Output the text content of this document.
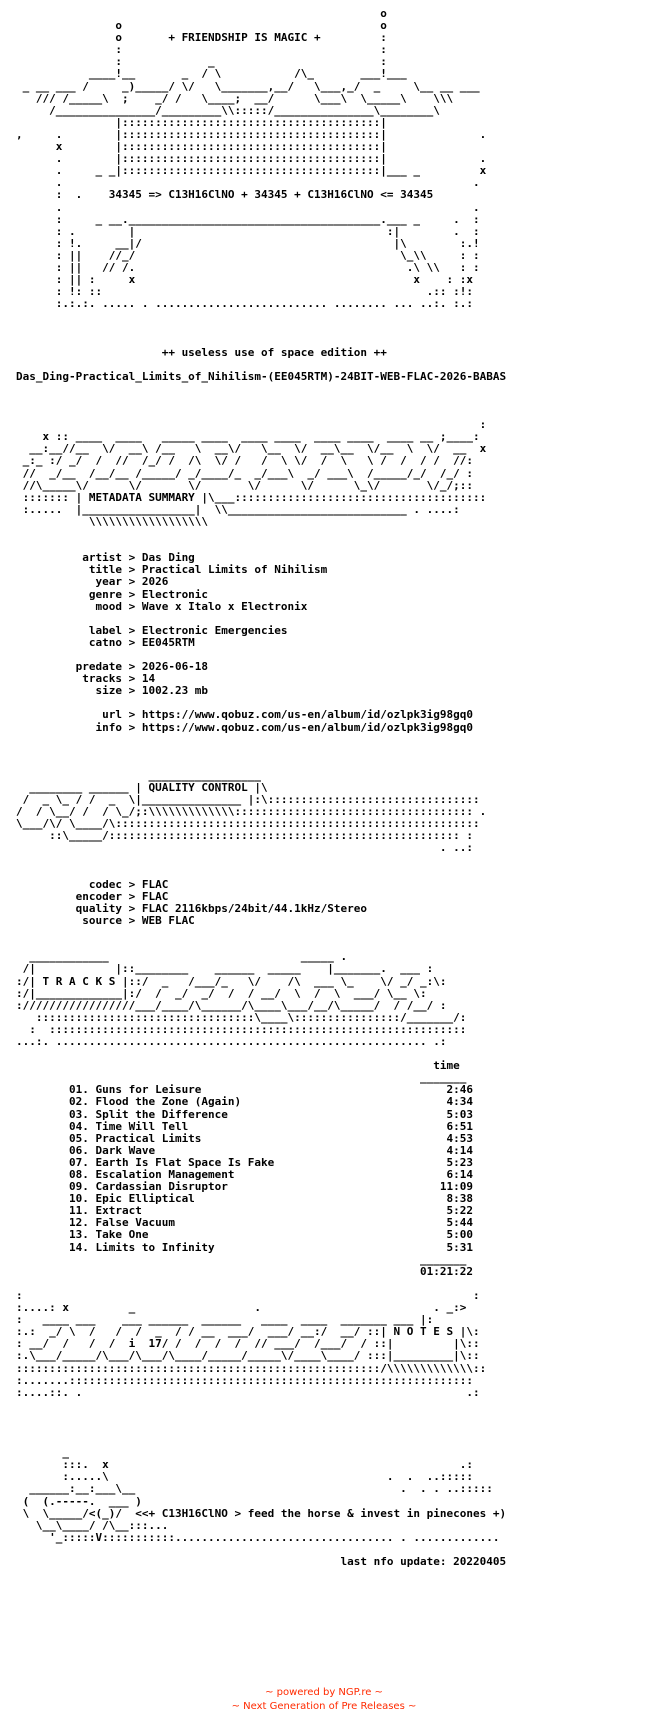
o
o                                       o
o       + FRIENDSHIP IS MAGIC +         :
:                                       :
:             _                         :
____!__       _  / \           /\_       ___!___
_ __ ___ /     _)_____/ \/   \_______,__/   \___,_/  _     \__ __ ___
/// /_____\  ;    _/ /   \____;  __/      \___\  \_____\    \\\
/_______________/_________\\:::::/_______________\________\
|:::::::::::::::::::::::::::::::::::::::|
,     .        |:::::::::::::::::::::::::::::::::::::::|              .
x        |:::::::::::::::::::::::::::::::::::::::|
.        |:::::::::::::::::::::::::::::::::::::::|              .
.     _ _|:::::::::::::::::::::::::::::::::::::::|___ _         x
.                                                              .
:  .    34345 => C13H16ClNO + 34345 + C13H16ClNO <= 34345
.                                                              .
:     _ __.______________________________________.___ _     .  :
: .        |                                      :|        .  :
: !.     __|/                                      |\        :.!
: ||    //_/                                        \_\\     : :
: ||   // /.                                         .\ \\   : :
: || :     x                                          x    : :x
: !: ::                                                 .:: :!:
:.:.:. ..... . .......................... ........ ... ..:. :.:

++ useless use of space edition ++

Das_Ding-Practical_Limits_of_Nihilism-(EE045RTM)-24BIT-WEB-FLAC-2026-BABAS

:
x :: ____  ____   _____ ____  ____ ____  ____ ____  ____ __ ;____:
__:__//__  \/  __\ /__   \  __\/   \__  \/  __\__  \/__  \  \/  __  x
_:_ :/ _/  /  //  /_/ /  /\  \/ /   /  \ \/  /  \   \ /  /  / /  //:
//  _/__  /__/__ /_____/ _/____/_  _/___\  _/ ___\  /_____/_/  /_/ :
//\_____\/      \/       \/       \/      \/      \_\/       \/_/;::
::::::: | METADATA SUMMARY |\___::::::::::::::::::::::::::::::::::::::
:.....  |_________________|  \\___________________________ . ....:
\\\\\\\\\\\\\\\\\\

artist > Das Ding
title > Practical Limits of Nihilism
year > 2026
genre > Electronic
mood > Wave x Italo x Electronix

label > Electronic Emergencies
catno > EE045RTM

predate > 2026-06-18
tracks > 14
size > 1002.23 mb

url > https://www.qobuz.com/us-en/album/id/ozlpk3ig98gq0
info > https://www.qobuz.com/us-en/album/id/ozlpk3ig98gq0

_________________
________ ______ | QUALITY CONTROL |\
/  _ \_ / /  _  \|_______________ |:\::::::::::::::::::::::::::::::::
/  / \__/ /  / \_/;:\\\\\\\\\\\\\:::::::::::::::::::::::::::::::::::: .
\___/\/ \____/\:::::::::::::::::::::::::::::::::::::::::::::::::::::::
::\_____/::::::::::::::::::::::::::::::::::::::::::::::::::::: :
. ..:

codec > FLAC
encoder > FLAC
quality > FLAC 2116kbps/24bit/44.1kHz/Stereo
source > WEB FLAC

____________                             _____ .
/|            |::________    ______  _____    |_______.  ___ :
:/| T R A C K S |::/  _   /___/_   \/    /\  ___ \_    \/ _/ _:\:
:/|_____________|:/  /  _/  _/  /  / __/  \  /  \  ___/ \__ \:
://///////////////___/____/\______/\____\___/__/\_____/  / /__/ :
:::::::::::::::::::::::::::::::::\____\::::::::::::::::/_______/:
:  :::::::::::::::::::::::::::::::::::::::::::::::::::::::::::::::
...:. ........................................................ .:

time
_______
01. Guns for Leisure                                     2:46
02. Flood the Zone (Again)                               4:34
03. Split the Difference                                 5:03
04. Time Will Tell                                       6:51
05. Practical Limits                                     4:53
06. Dark Wave                                            4:14
07. Earth Is Flat Space Is Fake                          5:23
08. Escalation Management                                6:14
09. Cardassian Disruptor                                11:09
10. Epic Elliptical                                      8:38
11. Extract                                              5:22
12. False Vacuum                                         5:44
13. Take One                                             5:00
14. Limits to Infinity                                   5:31
_______
01:21:22

:                                                                    :
:....: x         _                  .                          . _:>
:   ____ ___    ___ ______  ______   ____  ____  _______ ___ |:
:.:  _/ \  /   /  /  _  / / __  ___/  ___/ __:/  __/ ::| N O T E S |\:
: __/  /   /  /  i  17/ /  /  /  /  // ___/  /___/  / ::|         |\::
:.\___/_____/\___/\___/\____/_____/_____\/____\____/ :::|_________|\::
:::::::::::::::::::::::::::::::::::::::::::::::::::::::/\\\\\\\\\\\\\::
:.......:::::::::::::::::::::::::::::::::::::::::::::::::::::::::::::
:....::. .                                                          .:

_
:::.  x                                                     .:
:.....\                                          .  .  ..:::::
______:__:___\__                                        .  . . ..:::::
(  (.-----.  ___ )
\  \_____/<(_)/  <<+ C13H16ClNO > feed the horse & invest in pinecones +)
\__\____/ /\__:::...
'_:::::V:::::::::::................................. . .............

last nfo update: 20220405

~ powered by NGP.re ~
~ Next Generation of Pre Releases ~
